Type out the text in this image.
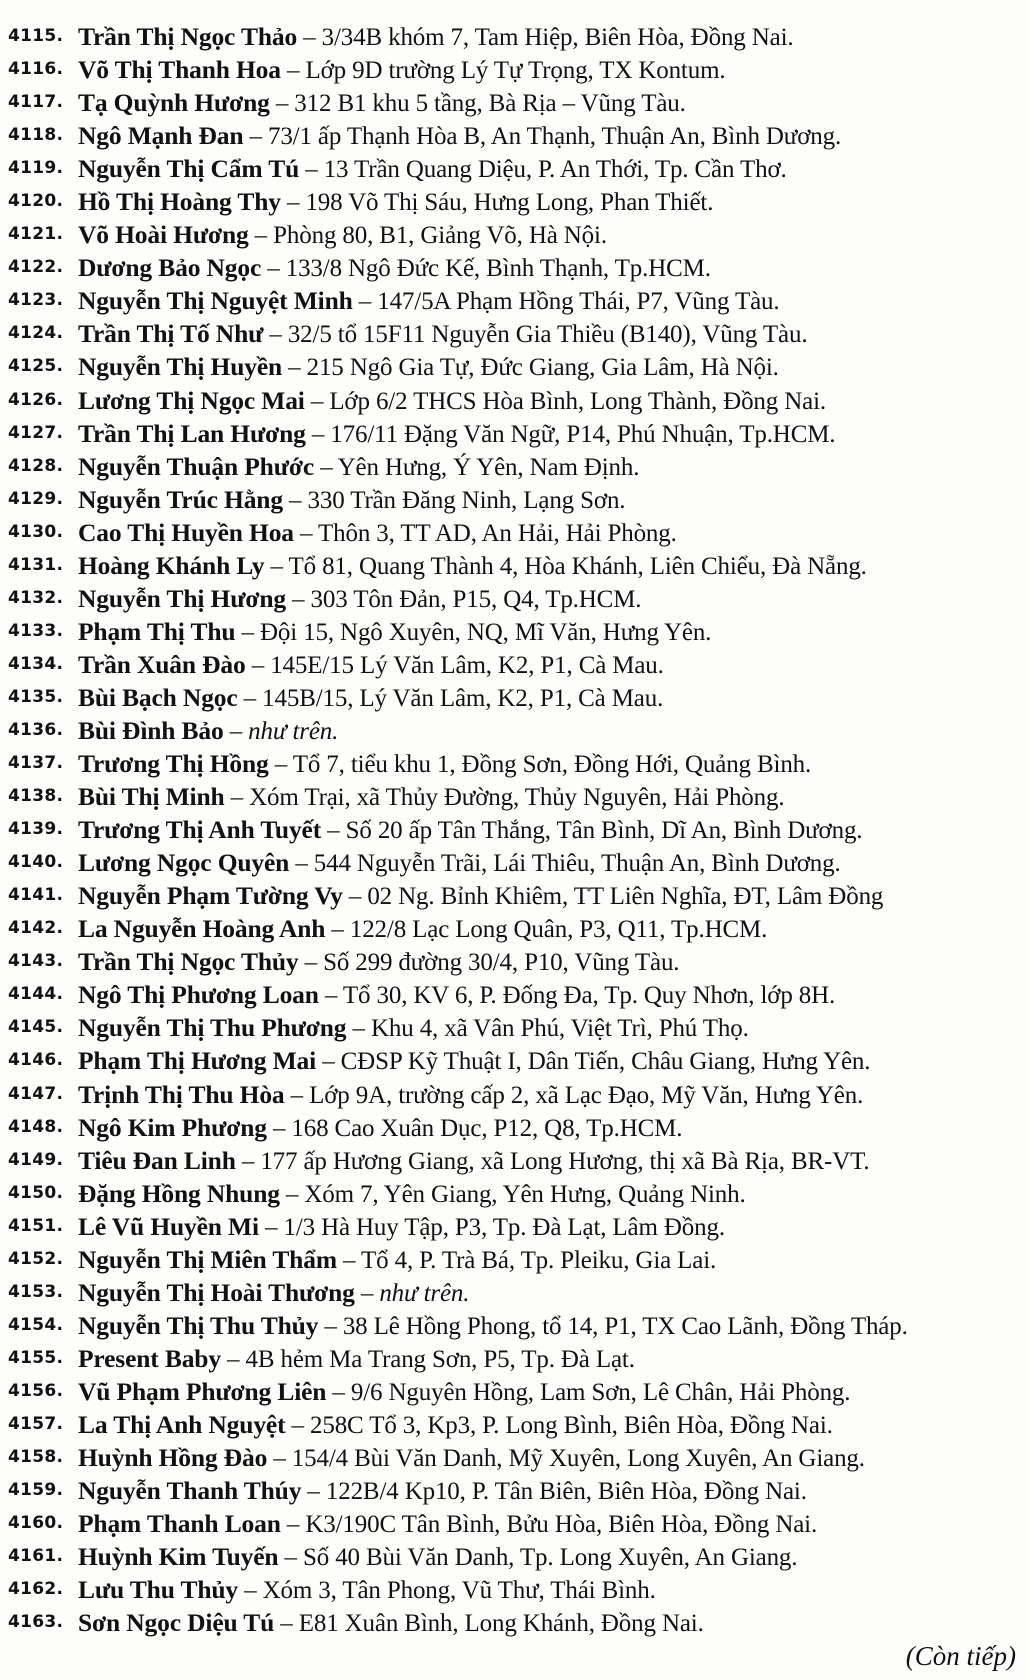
4115. Trần Thị Ngọc Thảo – 3/34B khóm 7, Tam Hiệp, Biên Hòa, Đồng Nai.
4116. Võ Thị Thanh Hoa – Lớp 9D trường Lý Tự Trọng, TX Kontum.
4117. Tạ Quỳnh Hương – 312 B1 khu 5 tầng, Bà Rịa – Vũng Tàu.
4118. Ngô Mạnh Đan – 73/1 ấp Thạnh Hòa B, An Thạnh, Thuận An, Bình Dương.
4119. Nguyễn Thị Cẩm Tú – 13 Trần Quang Diệu, P. An Thới, Tp. Cần Thơ.
4120. Hồ Thị Hoàng Thy – 198 Võ Thị Sáu, Hưng Long, Phan Thiết.
4121. Võ Hoài Hương – Phòng 80, B1, Giảng Võ, Hà Nội.
4122. Dương Bảo Ngọc – 133/8 Ngô Đức Kế, Bình Thạnh, Tp.HCM.
4123. Nguyễn Thị Nguyệt Minh – 147/5A Phạm Hồng Thái, P7, Vũng Tàu.
4124. Trần Thị Tố Như – 32/5 tổ 15F11 Nguyễn Gia Thiều (B140), Vũng Tàu.
4125. Nguyễn Thị Huyền – 215 Ngô Gia Tự, Đức Giang, Gia Lâm, Hà Nội.
4126. Lương Thị Ngọc Mai – Lớp 6/2 THCS Hòa Bình, Long Thành, Đồng Nai.
4127. Trần Thị Lan Hương – 176/11 Đặng Văn Ngữ, P14, Phú Nhuận, Tp.HCM.
4128. Nguyễn Thuận Phước – Yên Hưng, Ý Yên, Nam Định.
4129. Nguyễn Trúc Hằng – 330 Trần Đăng Ninh, Lạng Sơn.
4130. Cao Thị Huyền Hoa – Thôn 3, TT AD, An Hải, Hải Phòng.
4131. Hoàng Khánh Ly – Tổ 81, Quang Thành 4, Hòa Khánh, Liên Chiểu, Đà Nẵng.
4132. Nguyễn Thị Hương – 303 Tôn Đản, P15, Q4, Tp.HCM.
4133. Phạm Thị Thu – Đội 15, Ngô Xuyên, NQ, Mĩ Văn, Hưng Yên.
4134. Trần Xuân Đào – 145E/15 Lý Văn Lâm, K2, P1, Cà Mau.
4135. Bùi Bạch Ngọc – 145B/15, Lý Văn Lâm, K2, P1, Cà Mau.
4136. Bùi Đình Bảo – như trên.
4137. Trương Thị Hồng – Tổ 7, tiểu khu 1, Đồng Sơn, Đồng Hới, Quảng Bình.
4138. Bùi Thị Minh – Xóm Trại, xã Thủy Đường, Thủy Nguyên, Hải Phòng.
4139. Trương Thị Anh Tuyết – Số 20 ấp Tân Thắng, Tân Bình, Dĩ An, Bình Dương.
4140. Lương Ngọc Quyên – 544 Nguyễn Trãi, Lái Thiêu, Thuận An, Bình Dương.
4141. Nguyễn Phạm Tường Vy – 02 Ng. Bỉnh Khiêm, TT Liên Nghĩa, ĐT, Lâm Đồng
4142. La Nguyễn Hoàng Anh – 122/8 Lạc Long Quân, P3, Q11, Tp.HCM.
4143. Trần Thị Ngọc Thủy – Số 299 đường 30/4, P10, Vũng Tàu.
4144. Ngô Thị Phương Loan – Tổ 30, KV 6, P. Đống Đa, Tp. Quy Nhơn, lớp 8H.
4145. Nguyễn Thị Thu Phương – Khu 4, xã Vân Phú, Việt Trì, Phú Thọ.
4146. Phạm Thị Hương Mai – CĐSP Kỹ Thuật I, Dân Tiến, Châu Giang, Hưng Yên.
4147. Trịnh Thị Thu Hòa – Lớp 9A, trường cấp 2, xã Lạc Đạo, Mỹ Văn, Hưng Yên.
4148. Ngô Kim Phương – 168 Cao Xuân Dục, P12, Q8, Tp.HCM.
4149. Tiêu Đan Linh – 177 ấp Hương Giang, xã Long Hương, thị xã Bà Rịa, BR-VT.
4150. Đặng Hồng Nhung – Xóm 7, Yên Giang, Yên Hưng, Quảng Ninh.
4151. Lê Vũ Huyền Mi – 1/3 Hà Huy Tập, P3, Tp. Đà Lạt, Lâm Đồng.
4152. Nguyễn Thị Miên Thẩm – Tổ 4, P. Trà Bá, Tp. Pleiku, Gia Lai.
4153. Nguyễn Thị Hoài Thương – như trên.
4154. Nguyễn Thị Thu Thủy – 38 Lê Hồng Phong, tổ 14, P1, TX Cao Lãnh, Đồng Tháp.
4155. Present Baby – 4B hẻm Ma Trang Sơn, P5, Tp. Đà Lạt.
4156. Vũ Phạm Phương Liên – 9/6 Nguyên Hồng, Lam Sơn, Lê Chân, Hải Phòng.
4157. La Thị Anh Nguyệt – 258C Tổ 3, Kp3, P. Long Bình, Biên Hòa, Đồng Nai.
4158. Huỳnh Hồng Đào – 154/4 Bùi Văn Danh, Mỹ Xuyên, Long Xuyên, An Giang.
4159. Nguyễn Thanh Thúy – 122B/4 Kp10, P. Tân Biên, Biên Hòa, Đồng Nai.
4160. Phạm Thanh Loan – K3/190C Tân Bình, Bửu Hòa, Biên Hòa, Đồng Nai.
4161. Huỳnh Kim Tuyến – Số 40 Bùi Văn Danh, Tp. Long Xuyên, An Giang.
4162. Lưu Thu Thủy – Xóm 3, Tân Phong, Vũ Thư, Thái Bình.
4163. Sơn Ngọc Diệu Tú – E81 Xuân Bình, Long Khánh, Đồng Nai.
(Còn tiếp)
